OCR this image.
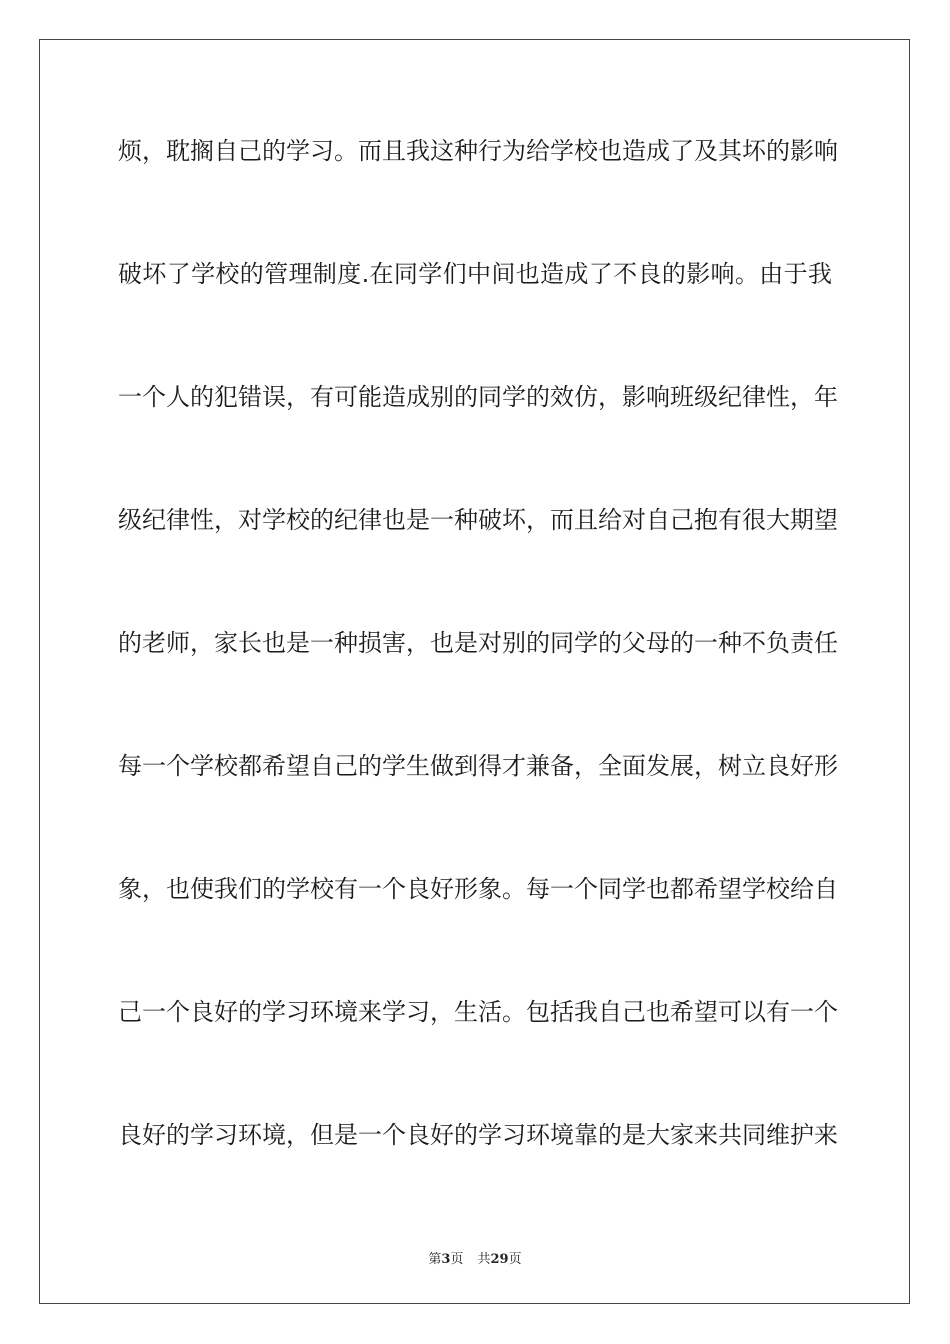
烦，耽搁自己的学习。而且我这种行为给学校也造成了及其坏的影响
破坏了学校的管理制度.在同学们中间也造成了不良的影响。由于我
一个人的犯错误，有可能造成别的同学的效仿，影响班级纪律性，年
级纪律性，对学校的纪律也是一种破坏，而且给对自己抱有很大期望
的老师，家长也是一种损害，也是对别的同学的父母的一种不负责任
每一个学校都希望自己的学生做到得才兼备，全面发展，树立良好形
象，也使我们的学校有一个良好形象。每一个同学也都希望学校给自
己一个良好的学习环境来学习，生活。包括我自己也希望可以有一个
良好的学习环境，但是一个良好的学习环境靠的是大家来共同维护来
第3页 共29页
